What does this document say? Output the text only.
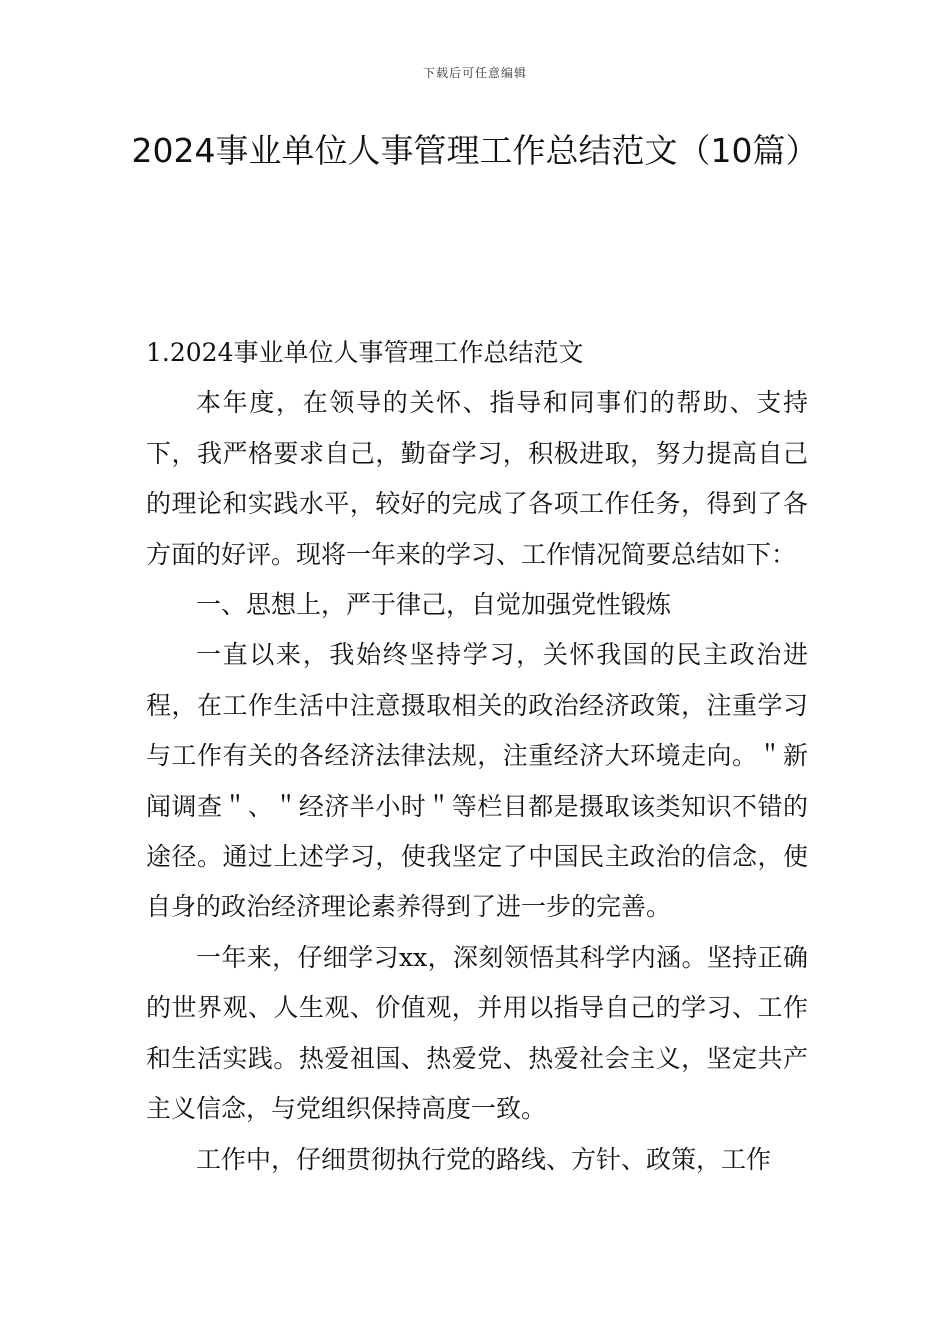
下载后可任意编辑
2024事业单位人事管理工作总结范文（10篇）

1.2024事业单位人事管理工作总结范文

本年度，在领导的关怀、指导和同事们的帮助、支持下，我严格要求自己，勤奋学习，积极进取，努力提高自己的理论和实践水平，较好的完成了各项工作任务，得到了各方面的好评。现将一年来的学习、工作情况简要总结如下：

一、思想上，严于律己，自觉加强党性锻炼

一直以来，我始终坚持学习，关怀我国的民主政治进程，在工作生活中注意摄取相关的政治经济政策，注重学习与工作有关的各经济法律法规，注重经济大环境走向。＂新闻调查＂、＂经济半小时＂等栏目都是摄取该类知识不错的途径。通过上述学习，使我坚定了中国民主政治的信念，使自身的政治经济理论素养得到了进一步的完善。

一年来，仔细学习xx，深刻领悟其科学内涵。坚持正确的世界观、人生观、价值观，并用以指导自己的学习、工作和生活实践。热爱祖国、热爱党、热爱社会主义，坚定共产主义信念，与党组织保持高度一致。

工作中，仔细贯彻执行党的路线、方针、政策，工作
